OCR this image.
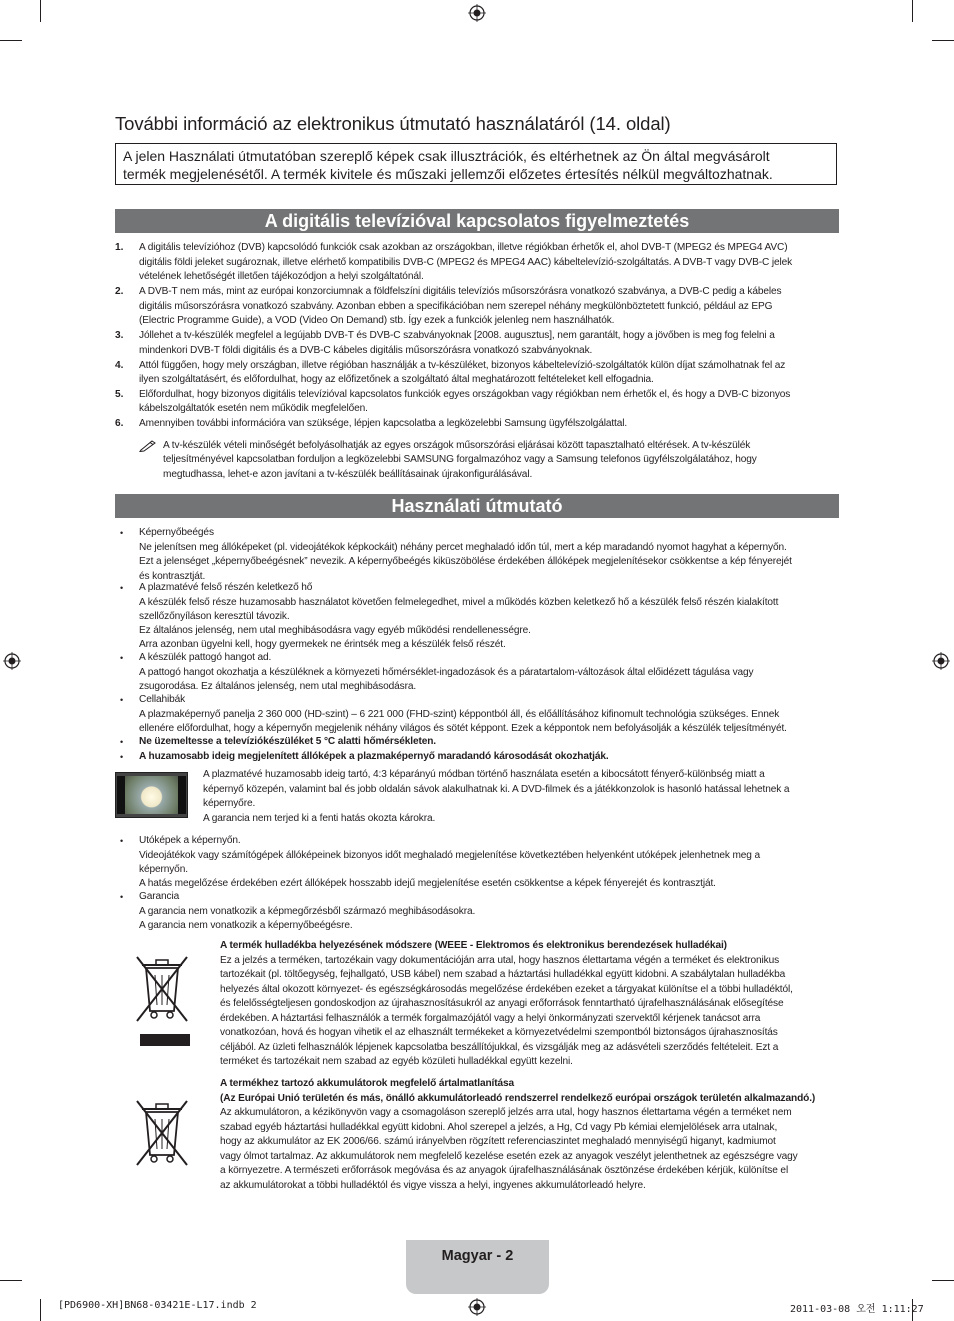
További információ az elektronikus útmutató használatáról (14. oldal)
A jelen Használati útmutatóban szereplő képek csak illusztrációk, és eltérhetnek az Ön által megvásárolt
termék megjelenésétől. A termék kivitele és műszaki jellemzői előzetes értesítés nélkül megváltozhatnak.
A digitális televízióval kapcsolatos figyelmeztetés
1. A digitális televízióhoz (DVB) kapcsolódó funkciók csak azokban az országokban, illetve régiókban érhetők el, ahol DVB-T (MPEG2 és MPEG4 AVC)
digitális földi jeleket sugároznak, illetve elérhető kompatibilis DVB-C (MPEG2 és MPEG4 AAC) kábeltelevízió-szolgáltatás. A DVB-T vagy DVB-C jelek
vételének lehetőségét illetően tájékozódjon a helyi szolgáltatónál.
2. A DVB-T nem más, mint az európai konzorciumnak a földfelszíni digitális televíziós műsorszórásra vonatkozó szabványa, a DVB-C pedig a kábeles
digitális műsorszórásra vonatkozó szabvány. Azonban ebben a specifikációban nem szerepel néhány megkülönböztetett funkció, például az EPG
(Electric Programme Guide), a VOD (Video On Demand) stb. Így ezek a funkciók jelenleg nem használhatók.
3. Jóllehet a tv-készülék megfelel a legújabb DVB-T és DVB-C szabványoknak [2008. augusztus], nem garantált, hogy a jövőben is meg fog felelni a
mindenkori DVB-T földi digitális és a DVB-C kábeles digitális műsorszórásra vonatkozó szabványoknak.
4. Attól függően, hogy mely országban, illetve régióban használják a tv-készüléket, bizonyos kábeltelevízió-szolgáltatók külön díjat számolhatnak fel az
ilyen szolgáltatásért, és előfordulhat, hogy az előfizetőnek a szolgáltató által meghatározott feltételeket kell elfogadnia.
5. Előfordulhat, hogy bizonyos digitális televízióval kapcsolatos funkciók egyes országokban vagy régiókban nem érhetők el, és hogy a DVB-C bizonyos
kábelszolgáltatók esetén nem működik megfelelően.
6. Amennyiben további információra van szüksége, lépjen kapcsolatba a legközelebbi Samsung ügyfélszolgálattal.
A tv-készülék vételi minőségét befolyásolhatják az egyes országok műsorszórási eljárásai között tapasztalható eltérések. A tv-készülék
teljesítményével kapcsolatban forduljon a legközelebbi SAMSUNG forgalmazóhoz vagy a Samsung telefonos ügyfélszolgálatához, hogy
megtudhassa, lehet-e azon javítani a tv-készülék beállításainak újrakonfigurálásával.
Használati útmutató
• Képernyőbeégés
Ne jelenítsen meg állóképeket (pl. videojátékok képkockáit) néhány percet meghaladó időn túl, mert a kép maradandó nyomot hagyhat a képernyőn.
Ezt a jelenséget „képernyőbeégésnek” nevezik. A képernyőbeégés kiküszöbölése érdekében állóképek megjelenítésekor csökkentse a kép fényerejét
és kontrasztját.
• A plazmatévé felső részén keletkező hő
A készülék felső része huzamosabb használatot követően felmelegedhet, mivel a működés közben keletkező hő a készülék felső részén kialakított
szellőzőnyíláson keresztül távozik.
Ez általános jelenség, nem utal meghibásodásra vagy egyéb működési rendellenességre.
Arra azonban ügyelni kell, hogy gyermekek ne érintsék meg a készülék felső részét.
• A készülék pattogó hangot ad.
A pattogó hangot okozhatja a készüléknek a környezeti hőmérséklet-ingadozások és a páratartalom-változások által előidézett tágulása vagy
zsugorodása. Ez általános jelenség, nem utal meghibásodásra.
• Cellahibák
A plazmaképernyő panelja 2 360 000 (HD-szint) – 6 221 000 (FHD-szint) képpontból áll, és előállításához kifinomult technológia szükséges. Ennek
ellenére előfordulhat, hogy a képernyőn megjelenik néhány világos és sötét képpont. Ezek a képpontok nem befolyásolják a készülék teljesítményét.
• Ne üzemeltesse a televíziókészüléket 5 °C alatti hőmérsékleten.
• A huzamosabb ideig megjelenített állóképek a plazmaképernyő maradandó károsodását okozhatják.
A plazmatévé huzamosabb ideig tartó, 4:3 képarányú módban történő használata esetén a kibocsátott fényerő-különbség miatt a
képernyő közepén, valamint bal és jobb oldalán sávok alakulhatnak ki. A DVD-filmek és a játékkonzolok is hasonló hatással lehetnek a
képernyőre.
A garancia nem terjed ki a fenti hatás okozta károkra.
• Utóképek a képernyőn.
Videojátékok vagy számítógépek állóképeinek bizonyos időt meghaladó megjelenítése következtében helyenként utóképek jelenhetnek meg a
képernyőn.
A hatás megelőzése érdekében ezért állóképek hosszabb idejű megjelenítése esetén csökkentse a képek fényerejét és kontrasztját.
• Garancia
A garancia nem vonatkozik a képmegőrzésből származó meghibásodásokra.
A garancia nem vonatkozik a képernyőbeégésre.
A termék hulladékba helyezésének módszere (WEEE - Elektromos és elektronikus berendezések hulladékai)
Ez a jelzés a terméken, tartozékain vagy dokumentációján arra utal, hogy hasznos élettartama végén a terméket és elektronikus
tartozékait (pl. töltőegység, fejhallgató, USB kábel) nem szabad a háztartási hulladékkal együtt kidobni. A szabálytalan hulladékba
helyezés által okozott környezet- és egészségkárosodás megelőzése érdekében ezeket a tárgyakat különítse el a többi hulladéktól,
és felelősségteljesen gondoskodjon az újrahasznosításukról az anyagi erőforrások fenntartható újrafelhasználásának elősegítése
érdekében. A háztartási felhasználók a termék forgalmazójától vagy a helyi önkormányzati szervektől kérjenek tanácsot arra
vonatkozóan, hová és hogyan vihetik el az elhasznált termékeket a környezetvédelmi szempontból biztonságos újrahasznosítás
céljából. Az üzleti felhasználók lépjenek kapcsolatba beszállítójukkal, és vizsgálják meg az adásvételi szerződés feltételeit. Ezt a
terméket és tartozékait nem szabad az egyéb közületi hulladékkal együtt kezelni.
A termékhez tartozó akkumulátorok megfelelő ártalmatlanítása
(Az Európai Unió területén és más, önálló akkumulátorleadó rendszerrel rendelkező európai országok területén alkalmazandó.)
Az akkumulátoron, a kézikönyvön vagy a csomagoláson szereplő jelzés arra utal, hogy hasznos élettartama végén a terméket nem
szabad egyéb háztartási hulladékkal együtt kidobni. Ahol szerepel a jelzés, a Hg, Cd vagy Pb kémiai elemjelölések arra utalnak,
hogy az akkumulátor az EK 2006/66. számú irányelvben rögzített referenciaszintet meghaladó mennyiségű higanyt, kadmiumot
vagy ólmot tartalmaz. Az akkumulátorok nem megfelelő kezelése esetén ezek az anyagok veszélyt jelenthetnek az egészségre vagy
a környezetre. A természeti erőforrások megóvása és az anyagok újrafelhasználásának ösztönzése érdekében kérjük, különítse el
az akkumulátorokat a többi hulladéktól és vigye vissza a helyi, ingyenes akkumulátorleadó helyre.
Magyar - 2
[PD6900-XH]BN68-03421E-L17.indb 2	2011-03-08 오전 1:11:27
